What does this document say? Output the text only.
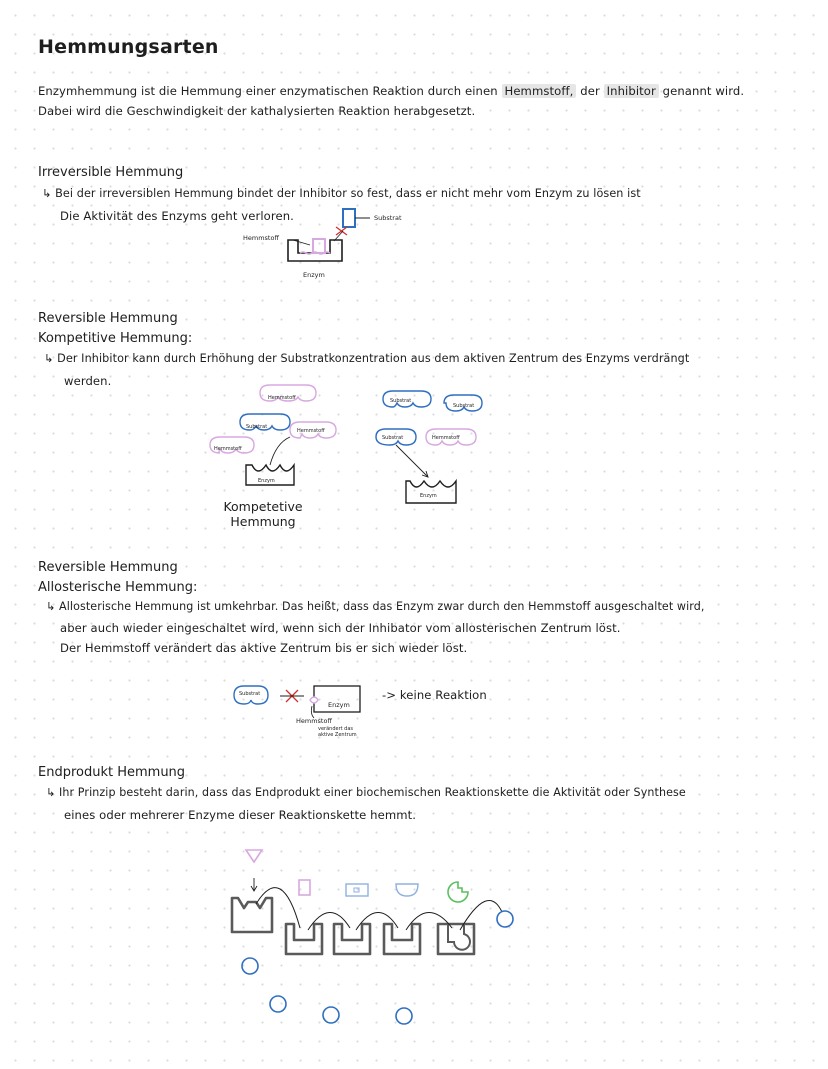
Hemmungsarten
Enzymhemmung ist die Hemmung einer enzymatischen Reaktion durch einen Hemmstoff, der Inhibitor genannt wird.
Dabei wird die Geschwindigkeit der kathalysierten Reaktion herabgesetzt.
Irreversible Hemmung
↳ Bei der irreversiblen Hemmung bindet der Inhibitor so fest, dass er nicht mehr vom Enzym zu lösen ist
Die Aktivität des Enzyms geht verloren.
Hemmstoff
Substrat
Enzym
Reversible Hemmung
Kompetitive Hemmung:
↳ Der Inhibitor kann durch Erhöhung der Substratkonzentration aus dem aktiven Zentrum des Enzyms verdrängt
werden.
Hemmstoff
Substrat
Hemmstoff
Hemmstoff
Enzym
Substrat
Substrat
Substrat	Hemmstoff
Enzym
Kompetetive
Hemmung
Reversible Hemmung
Allosterische Hemmung:
↳ Allosterische Hemmung ist umkehrbar. Das heißt, dass das Enzym zwar durch den Hemmstoff ausgeschaltet wird,
aber auch wieder eingeschaltet wird, wenn sich der Inhibator vom allosterischen Zentrum löst.
Der Hemmstoff verändert das aktive Zentrum bis er sich wieder löst.
Substrat
Enzym
Hemmstoff
verändert das
aktive Zentrum
-> keine Reaktion
Endprodukt Hemmung
↳ Ihr Prinzip besteht darin, dass das Endprodukt einer biochemischen Reaktionskette die Aktivität oder Synthese
eines oder mehrerer Enzyme dieser Reaktionskette hemmt.
